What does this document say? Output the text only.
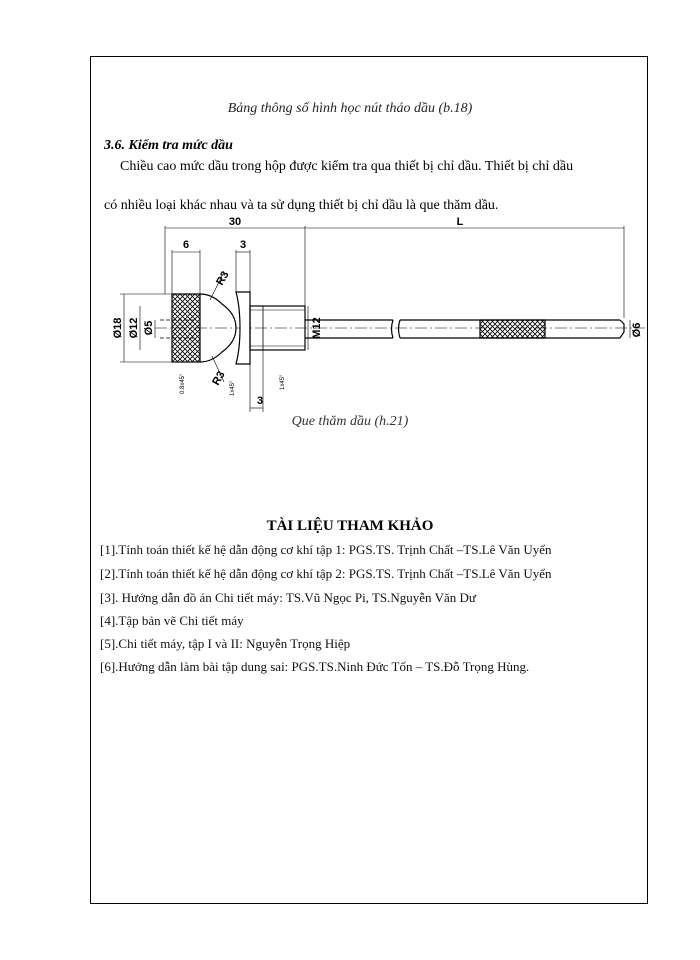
Bảng thông số hình học nút tháo dầu (b.18)
3.6. Kiểm tra mức dầu
Chiều cao mức dầu trong hộp được kiểm tra qua thiết bị chỉ dầu. Thiết bị chỉ dầu
có nhiều loại khác nhau và ta sử dụng thiết bị chỉ dầu là que thăm dầu.
30	L
6	3
3
R3
R3
Ø18 Ø12 Ø5	M12	Ø6
0.8x45°	1x45°	1x45°
Que thăm dầu (h.21)
TÀI LIỆU THAM KHẢO
[1].Tính toán thiết kế hệ dẫn động cơ khí tập 1: PGS.TS. Trịnh Chất –TS.Lê Văn Uyển
[2].Tính toán thiết kế hệ dẫn động cơ khí tập 2: PGS.TS. Trịnh Chất –TS.Lê Văn Uyển
[3]. Hướng dẫn đồ án Chi tiết máy: TS.Vũ Ngọc Pi, TS.Nguyễn Văn Dư
[4].Tập bản vẽ Chi tiết máy
[5].Chi tiết máy, tập I và II: Nguyễn Trọng Hiệp
[6].Hướng dẫn làm bài tập dung sai: PGS.TS.Ninh Đức Tốn – TS.Đỗ Trọng Hùng.
